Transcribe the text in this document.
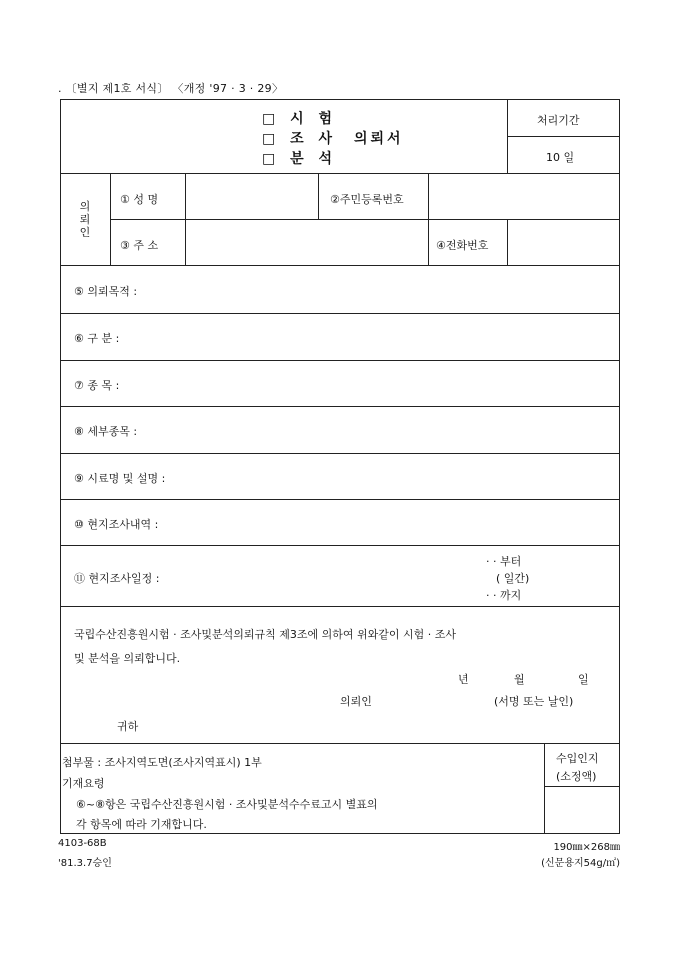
. 〔별지 제1호 서식〕 〈개정 '97 · 3 · 29〉
□ 시 험
□ 조 사
□ 분 석
의뢰서
처리기간
10 일
의뢰인
① 성 명	②주민등록번호
③ 주 소	④전화번호
⑤ 의뢰목적 :
⑥ 구 분 :
⑦ 종 목 :
⑧ 세부종목 :
⑨ 시료명 및 설명 :
⑩ 현지조사내역 :
⑪ 현지조사일정 :
· · 부터
( 일간)
· · 까지
국립수산진흥원시험 · 조사및분석의뢰규칙 제3조에 의하여 위와같이 시험 · 조사
및 분석을 의뢰합니다.
년	월	일
의뢰인	(서명 또는 날인)
귀하
첨부물 : 조사지역도면(조사지역표시) 1부
기재요령
⑥~⑧항은 국립수산진흥원시험 · 조사및분석수수료고시 별표의
각 항목에 따라 기재합니다.
수입인지
(소정액)
4103-68B
'81.3.7승인
190㎜×268㎜
(신문용지54g/㎡)
